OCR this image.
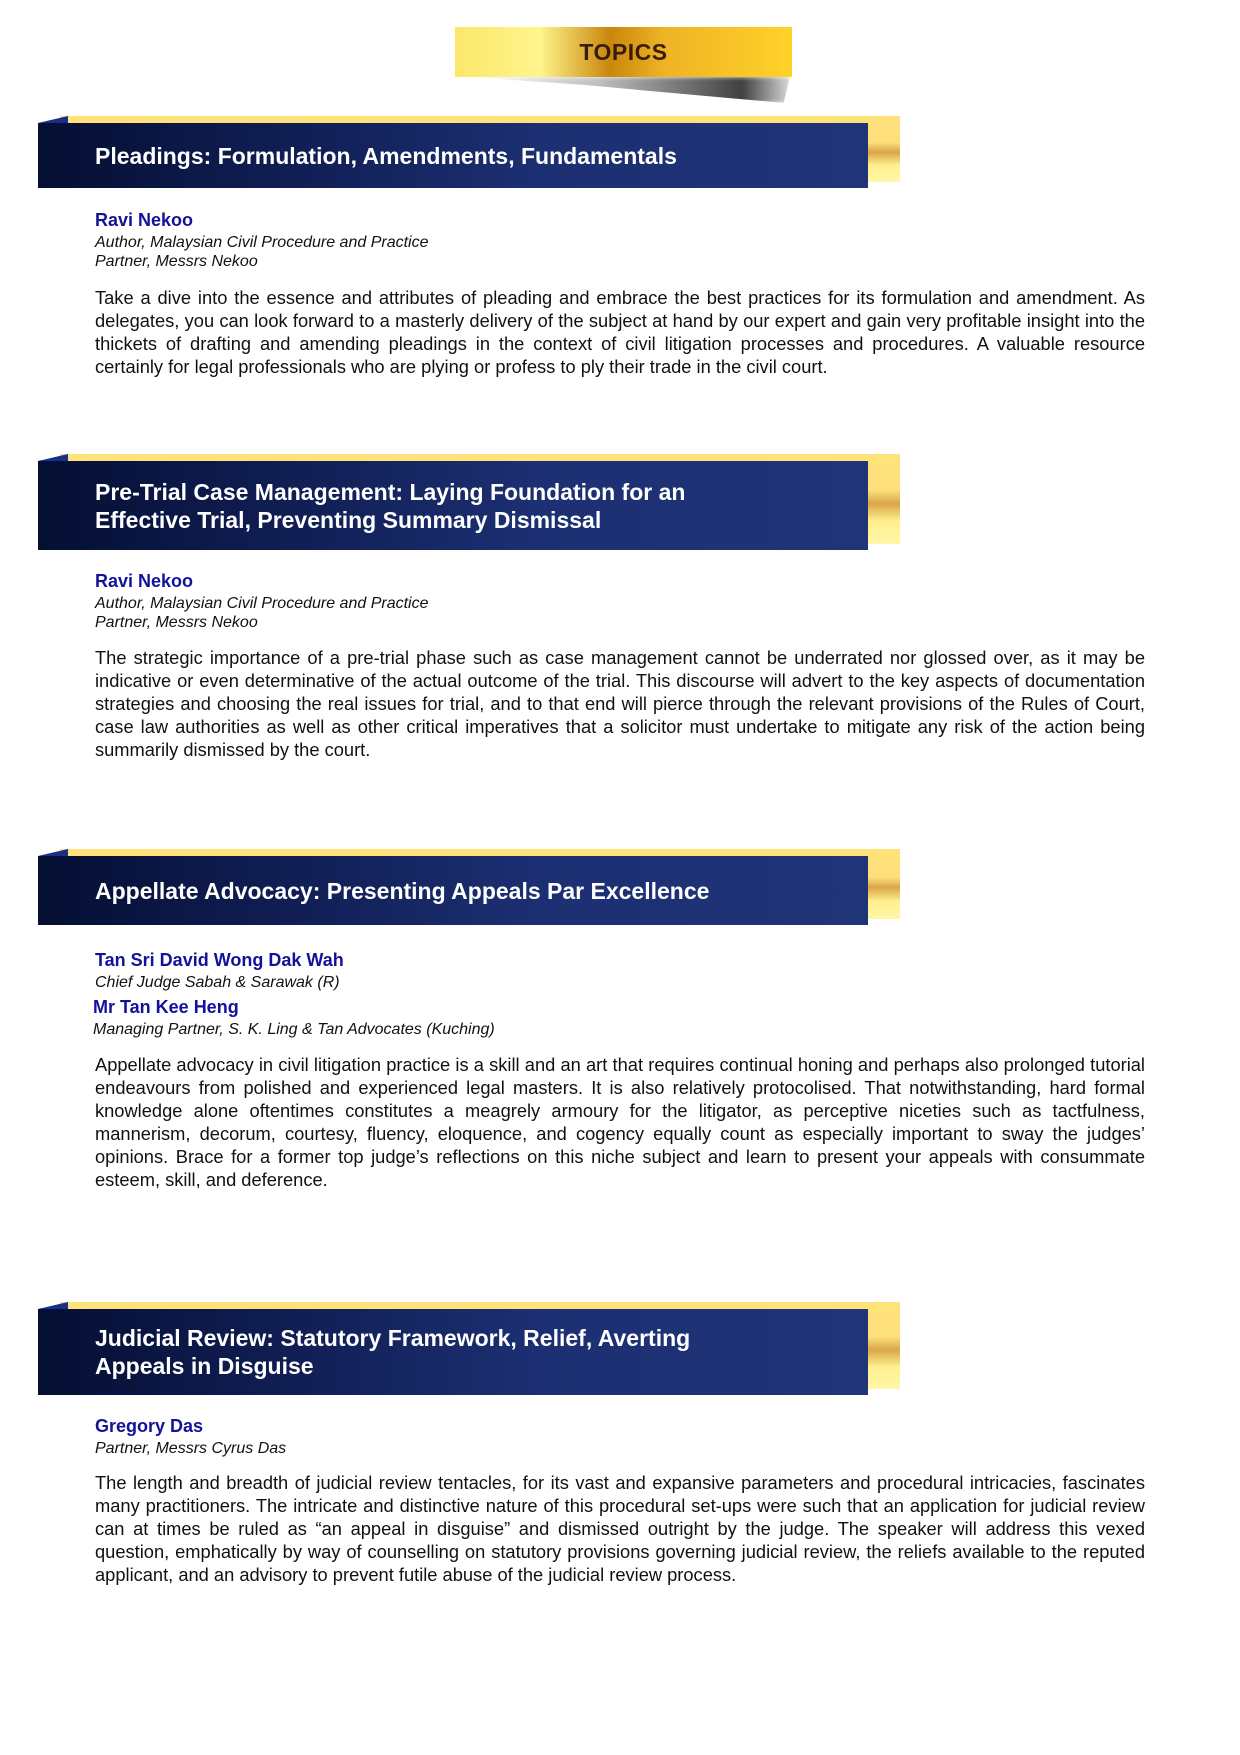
TOPICS
Pleadings: Formulation, Amendments, Fundamentals
Ravi Nekoo
Author, Malaysian Civil Procedure and Practice
Partner, Messrs Nekoo

Take a dive into the essence and attributes of pleading and embrace the best practices for its formulation and amendment. As delegates, you can look forward to a masterly delivery of the subject at hand by our expert and gain very profitable insight into the thickets of drafting and amending pleadings in the context of civil litigation processes and procedures. A valuable resource certainly for legal professionals who are plying or profess to ply their trade in the civil court.

Pre-Trial Case Management: Laying Foundation for an
Effective Trial, Preventing Summary Dismissal
Ravi Nekoo
Author, Malaysian Civil Procedure and Practice
Partner, Messrs Nekoo

The strategic importance of a pre-trial phase such as case management cannot be underrated nor glossed over, as it may be indicative or even determinative of the actual outcome of the trial. This discourse will advert to the key aspects of documentation strategies and choosing the real issues for trial, and to that end will pierce through the relevant provisions of the Rules of Court, case law authorities as well as other critical imperatives that a solicitor must undertake to mitigate any risk of the action being summarily dismissed by the court.

Appellate Advocacy: Presenting Appeals Par Excellence
Tan Sri David Wong Dak Wah
Chief Judge Sabah & Sarawak (R)
Mr Tan Kee Heng
Managing Partner, S. K. Ling & Tan Advocates (Kuching)

Appellate advocacy in civil litigation practice is a skill and an art that requires continual honing and perhaps also prolonged tutorial endeavours from polished and experienced legal masters. It is also relatively protocolised. That notwithstanding, hard formal knowledge alone oftentimes constitutes a meagrely armoury for the litigator, as perceptive niceties such as tactfulness, mannerism, decorum, courtesy, fluency, eloquence, and cogency equally count as especially important to sway the judges’ opinions. Brace for a former top judge’s reflections on this niche subject and learn to present your appeals with consummate esteem, skill, and deference.

Judicial Review: Statutory Framework, Relief, Averting
Appeals in Disguise
Gregory Das
Partner, Messrs Cyrus Das

The length and breadth of judicial review tentacles, for its vast and expansive parameters and procedural intricacies, fascinates many practitioners. The intricate and distinctive nature of this procedural set-ups were such that an application for judicial review can at times be ruled as “an appeal in disguise” and dismissed outright by the judge. The speaker will address this vexed question, emphatically by way of counselling on statutory provisions governing judicial review, the reliefs available to the reputed applicant, and an advisory to prevent futile abuse of the judicial review process.
